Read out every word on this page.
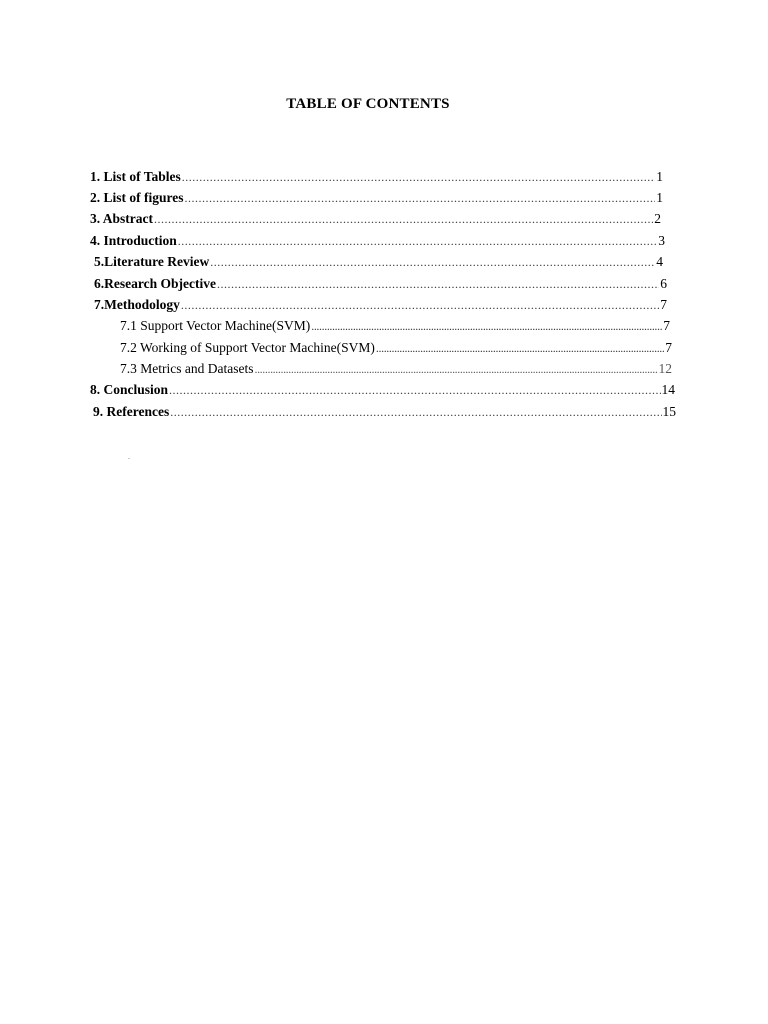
TABLE OF CONTENTS
1. List of Tables .....	1
2. List of figures .....	1
3. Abstract .....	2
4. Introduction .....	3
5.Literature Review .....	4
6.Research Objective .....	6
7.Methodology .....	7
7.1 Support Vector Machine(SVM) .....	7
7.2 Working of Support Vector Machine(SVM) .....	7
7.3 Metrics and Datasets .....	12
8. Conclusion .....	14
9. References .....	15
.
